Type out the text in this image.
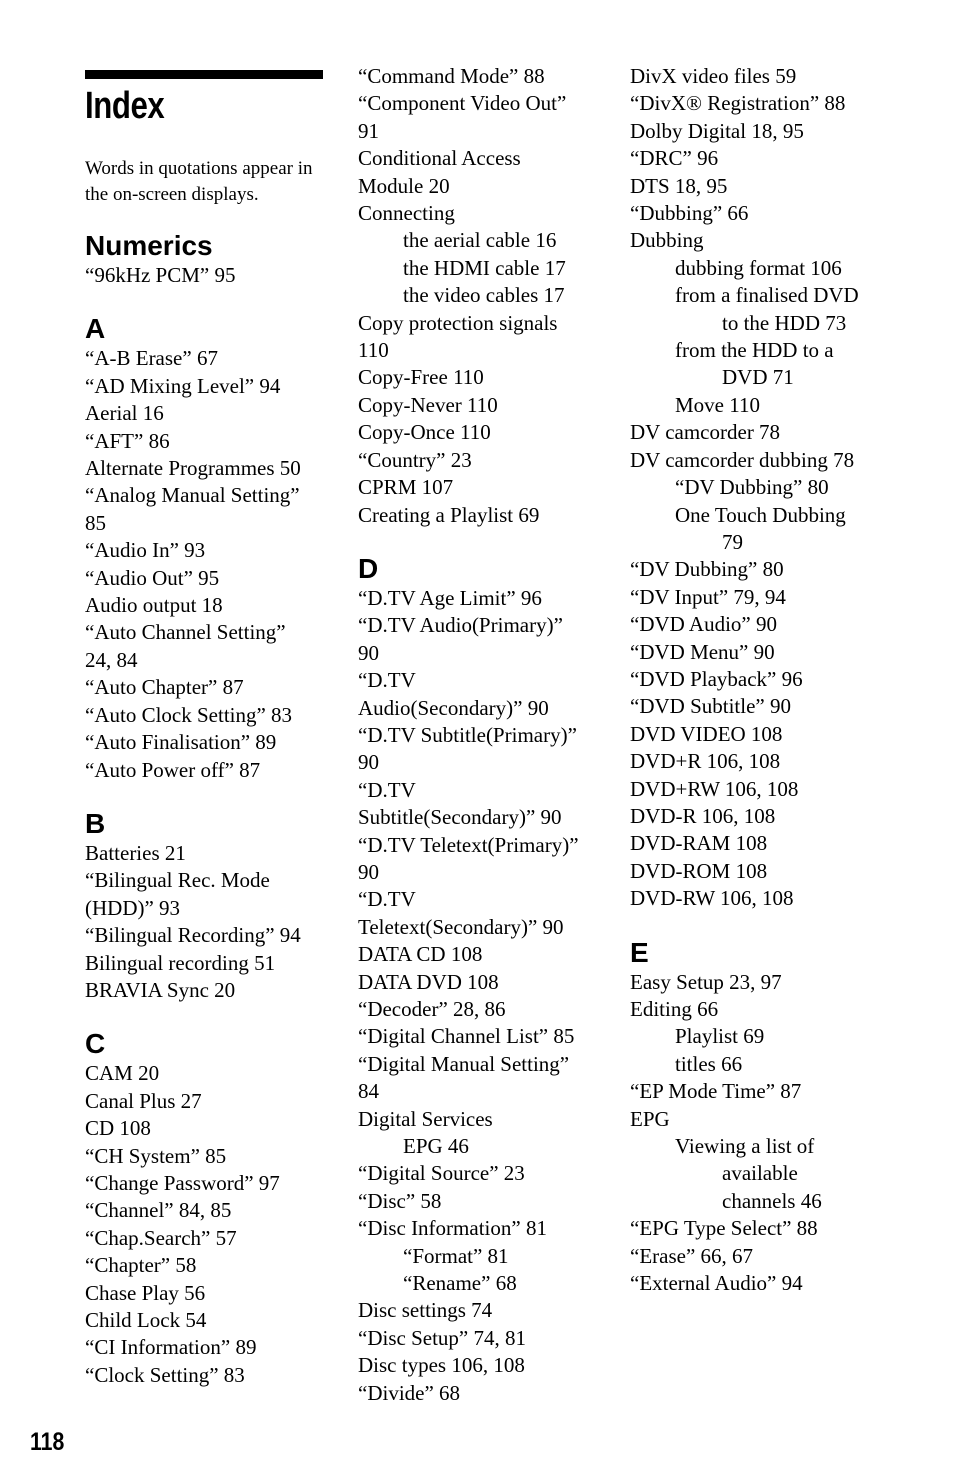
Index

Words in quotations appear in the on-screen displays.

Numerics

“96kHz PCM” 95

A

“A-B Erase” 67

“AD Mixing Level” 94

Aerial 16

“AFT” 86

Alternate Programmes 50

“Analog Manual Setting”

85

“Audio In” 93

“Audio Out” 95

Audio output 18

“Auto Channel Setting”

24, 84

“Auto Chapter” 87

“Auto Clock Setting” 83

“Auto Finalisation” 89

“Auto Power off” 87

B

Batteries 21

“Bilingual Rec. Mode

(HDD)” 93

“Bilingual Recording” 94

Bilingual recording 51

BRAVIA Sync 20

C

CAM 20

Canal Plus 27

CD 108

“CH System” 85

“Change Password” 97

“Channel” 84, 85

“Chap.Search” 57

“Chapter” 58

Chase Play 56

Child Lock 54

“CI Information” 89

“Clock Setting” 83

“Command Mode” 88

“Component Video Out”

91

Conditional Access

Module 20

Connecting

the aerial cable 16

the HDMI cable 17

the video cables 17

Copy protection signals

110

Copy-Free 110

Copy-Never 110

Copy-Once 110

“Country” 23

CPRM 107

Creating a Playlist 69

D

“D.TV Age Limit” 96

“D.TV Audio(Primary)”

90

“D.TV

Audio(Secondary)” 90

“D.TV Subtitle(Primary)”

90

“D.TV

Subtitle(Secondary)” 90

“D.TV Teletext(Primary)”

90

“D.TV

Teletext(Secondary)” 90

DATA CD 108

DATA DVD 108

“Decoder” 28, 86

“Digital Channel List” 85

“Digital Manual Setting”

84

Digital Services

EPG 46

“Digital Source” 23

“Disc” 58

“Disc Information” 81

“Format” 81

“Rename” 68

Disc settings 74

“Disc Setup” 74, 81

Disc types 106, 108

“Divide” 68

DivX video files 59

“DivX® Registration” 88

Dolby Digital 18, 95

“DRC” 96

DTS 18, 95

“Dubbing” 66

Dubbing

dubbing format 106

from a finalised DVD

to the HDD 73

from the HDD to a

DVD 71

Move 110

DV camcorder 78

DV camcorder dubbing 78

“DV Dubbing” 80

One Touch Dubbing

79

“DV Dubbing” 80

“DV Input” 79, 94

“DVD Audio” 90

“DVD Menu” 90

“DVD Playback” 96

“DVD Subtitle” 90

DVD VIDEO 108

DVD+R 106, 108

DVD+RW 106, 108

DVD-R 106, 108

DVD-RAM 108

DVD-ROM 108

DVD-RW 106, 108

E

Easy Setup 23, 97

Editing 66

Playlist 69

titles 66

“EP Mode Time” 87

EPG

Viewing a list of

available

channels 46

“EPG Type Select” 88

“Erase” 66, 67

“External Audio” 94

118
